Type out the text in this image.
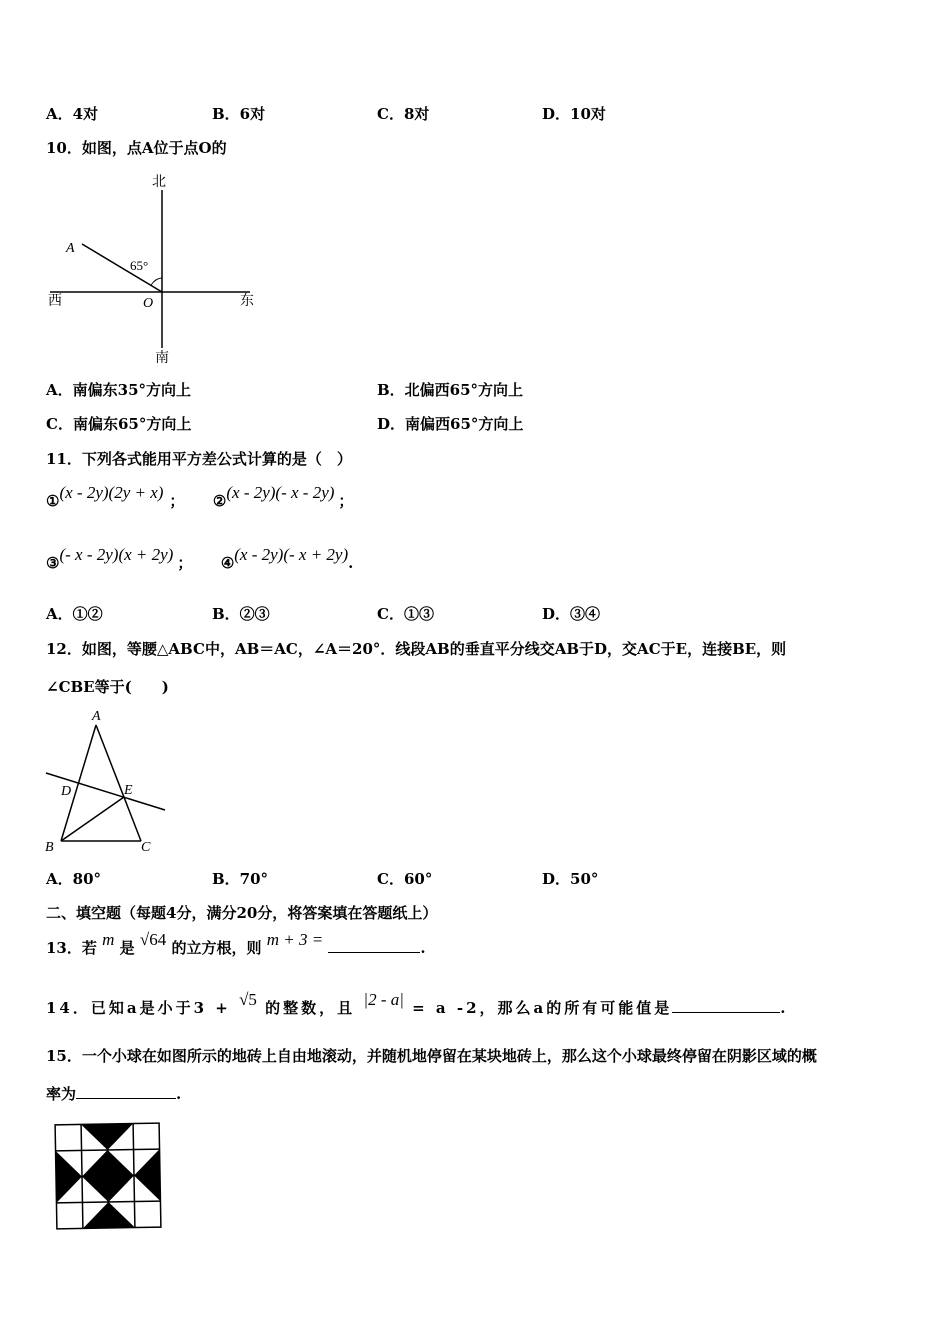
A．4对	B．6对	C．8对	D．10对
10．如图，点A位于点O的
北
南
西	东
A
O
65°
A．南偏东35°方向上	B．北偏西65°方向上
C．南偏东65°方向上	D．南偏西65°方向上
11．下列各式能用平方差公式计算的是（　）
①(x - 2y)(2y + x) ； ②(x - 2y)(- x - 2y) ；
③(- x - 2y)(x + 2y) ； ④(x - 2y)(- x + 2y).
A．①②	B．②③	C．①③	D．③④
12．如图，等腰△ABC中，AB＝AC，∠A＝20°．线段AB的垂直平分线交AB于D，交AC于E，连接BE，则
∠CBE等于(　　)
A
B	C
D	E
A．80°	B．70°	C．60°	D．50°
二、填空题（每题4分，满分20分，将答案填在答题纸上）
13．若 m 是 √64 的立方根，则 m + 3 =	.
14．已知a是小于3 + √5 的整数，且 |2 - a| = a -2，那么a的所有可能值是	.
15．一个小球在如图所示的地砖上自由地滚动，并随机地停留在某块地砖上，那么这个小球最终停留在阴影区域的概
率为	.
